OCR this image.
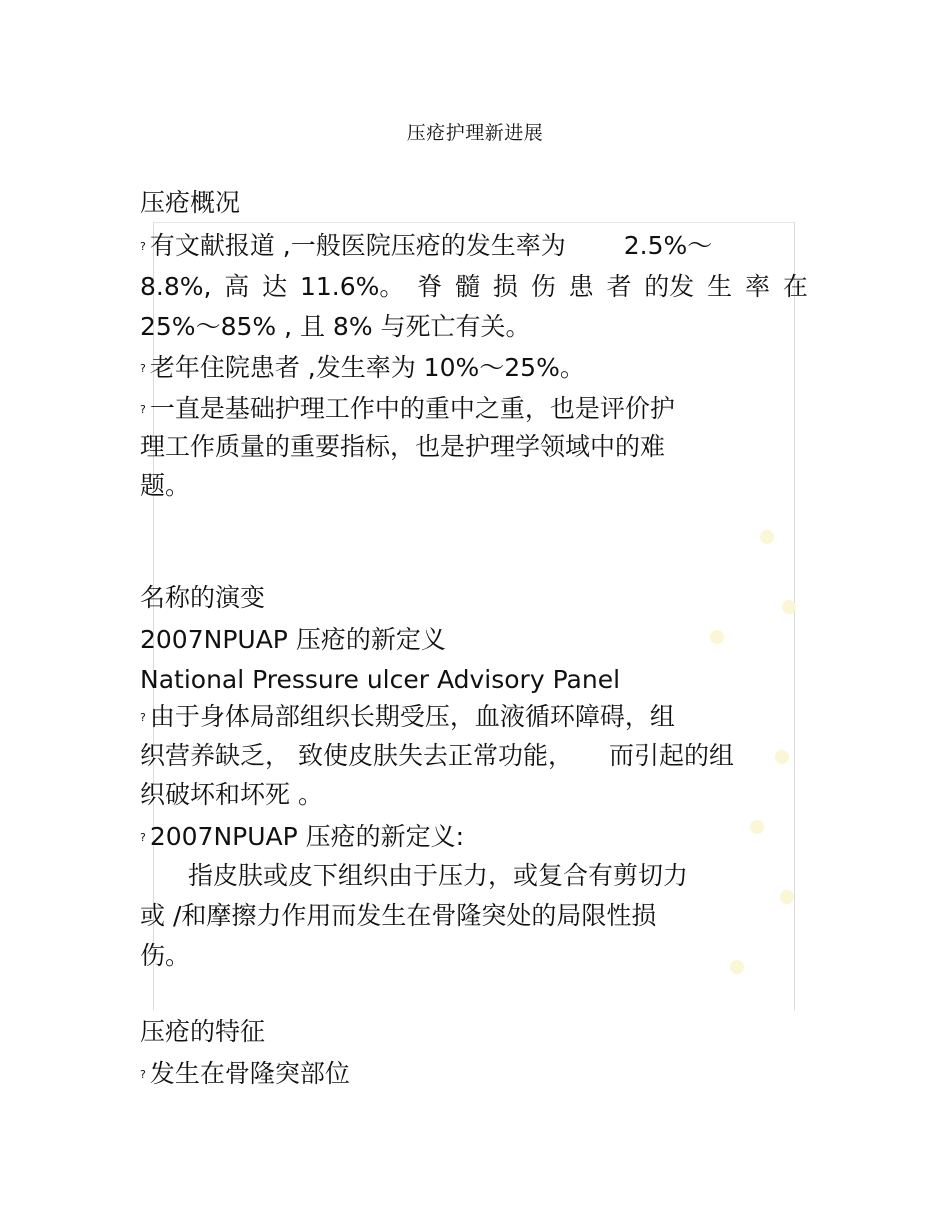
压疮护理新进展
压疮概况
? 有文献报道 ,一般医院压疮的发生率为 2.5%～
8.8%, 高 达 11.6%。 脊 髓 损 伤 患 者 的发 生 率 在
25%～85% , 且 8% 与死亡有关。
? 老年住院患者 ,发生率为 10%～25%。
? 一直是基础护理工作中的重中之重，也是评价护
理工作质量的重要指标，也是护理学领域中的难
题。
名称的演变
2007NPUAP 压疮的新定义
National Pressure ulcer Advisory Panel
? 由于身体局部组织长期受压，血液循环障碍，组
织营养缺乏， 致使皮肤失去正常功能， 而引起的组
织破坏和坏死 。
? 2007NPUAP 压疮的新定义:
指皮肤或皮下组织由于压力，或复合有剪切力
或 /和摩擦力作用而发生在骨隆突处的局限性损
伤。
压疮的特征
? 发生在骨隆突部位
